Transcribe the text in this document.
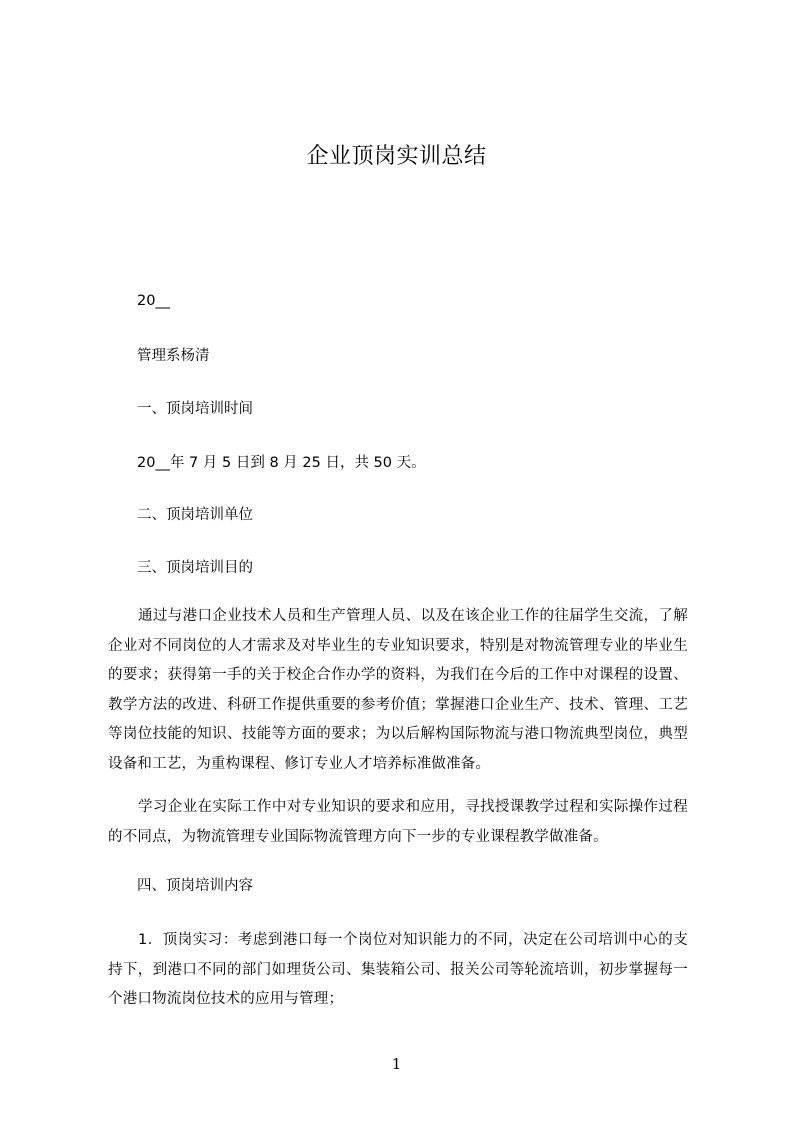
企业顶岗实训总结
20__
管理系杨清
一、顶岗培训时间
20__年 7 月 5 日到 8 月 25 日，共 50 天。
二、顶岗培训单位
三、顶岗培训目的
通过与港口企业技术人员和生产管理人员、以及在该企业工作的往届学生交流，了解企业对不同岗位的人才需求及对毕业生的专业知识要求，特别是对物流管理专业的毕业生的要求；获得第一手的关于校企合作办学的资料，为我们在今后的工作中对课程的设置、教学方法的改进、科研工作提供重要的参考价值；掌握港口企业生产、技术、管理、工艺等岗位技能的知识、技能等方面的要求；为以后解构国际物流与港口物流典型岗位，典型设备和工艺，为重构课程、修订专业人才培养标准做准备。
学习企业在实际工作中对专业知识的要求和应用，寻找授课教学过程和实际操作过程的不同点，为物流管理专业国际物流管理方向下一步的专业课程教学做准备。
四、顶岗培训内容
1．顶岗实习：考虑到港口每一个岗位对知识能力的不同，决定在公司培训中心的支持下，到港口不同的部门如理货公司、集装箱公司、报关公司等轮流培训，初步掌握每一个港口物流岗位技术的应用与管理；
1
